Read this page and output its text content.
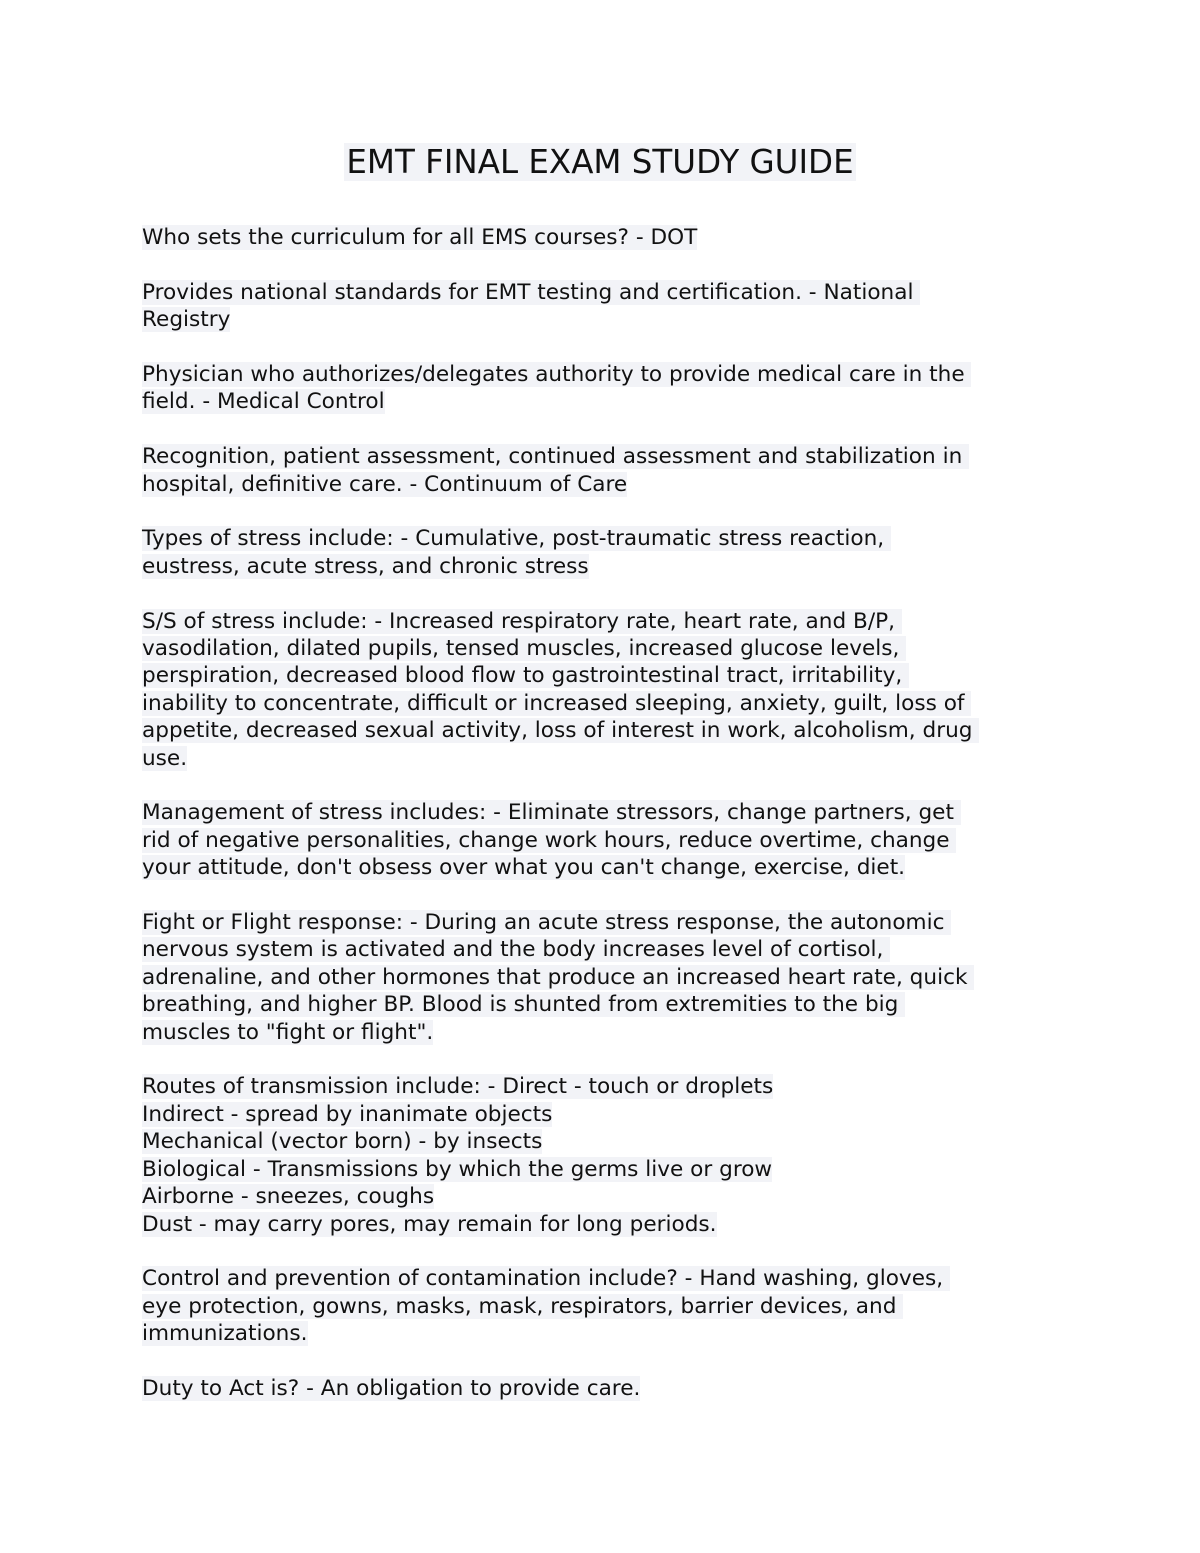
EMT FINAL EXAM STUDY GUIDE
Who sets the curriculum for all EMS courses? - DOT
Provides national standards for EMT testing and certification. - National
Registry
Physician who authorizes/delegates authority to provide medical care in the
field. - Medical Control
Recognition, patient assessment, continued assessment and stabilization in
hospital, definitive care. - Continuum of Care
Types of stress include: - Cumulative, post-traumatic stress reaction,
eustress, acute stress, and chronic stress
S/S of stress include: - Increased respiratory rate, heart rate, and B/P,
vasodilation, dilated pupils, tensed muscles, increased glucose levels,
perspiration, decreased blood flow to gastrointestinal tract, irritability,
inability to concentrate, difficult or increased sleeping, anxiety, guilt, loss of
appetite, decreased sexual activity, loss of interest in work, alcoholism, drug
use.
Management of stress includes: - Eliminate stressors, change partners, get
rid of negative personalities, change work hours, reduce overtime, change
your attitude, don't obsess over what you can't change, exercise, diet.
Fight or Flight response: - During an acute stress response, the autonomic
nervous system is activated and the body increases level of cortisol,
adrenaline, and other hormones that produce an increased heart rate, quick
breathing, and higher BP. Blood is shunted from extremities to the big
muscles to "fight or flight".
Routes of transmission include: - Direct - touch or droplets
Indirect - spread by inanimate objects
Mechanical (vector born) - by insects
Biological - Transmissions by which the germs live or grow
Airborne - sneezes, coughs
Dust - may carry pores, may remain for long periods.
Control and prevention of contamination include? - Hand washing, gloves,
eye protection, gowns, masks, mask, respirators, barrier devices, and
immunizations.
Duty to Act is? - An obligation to provide care.
